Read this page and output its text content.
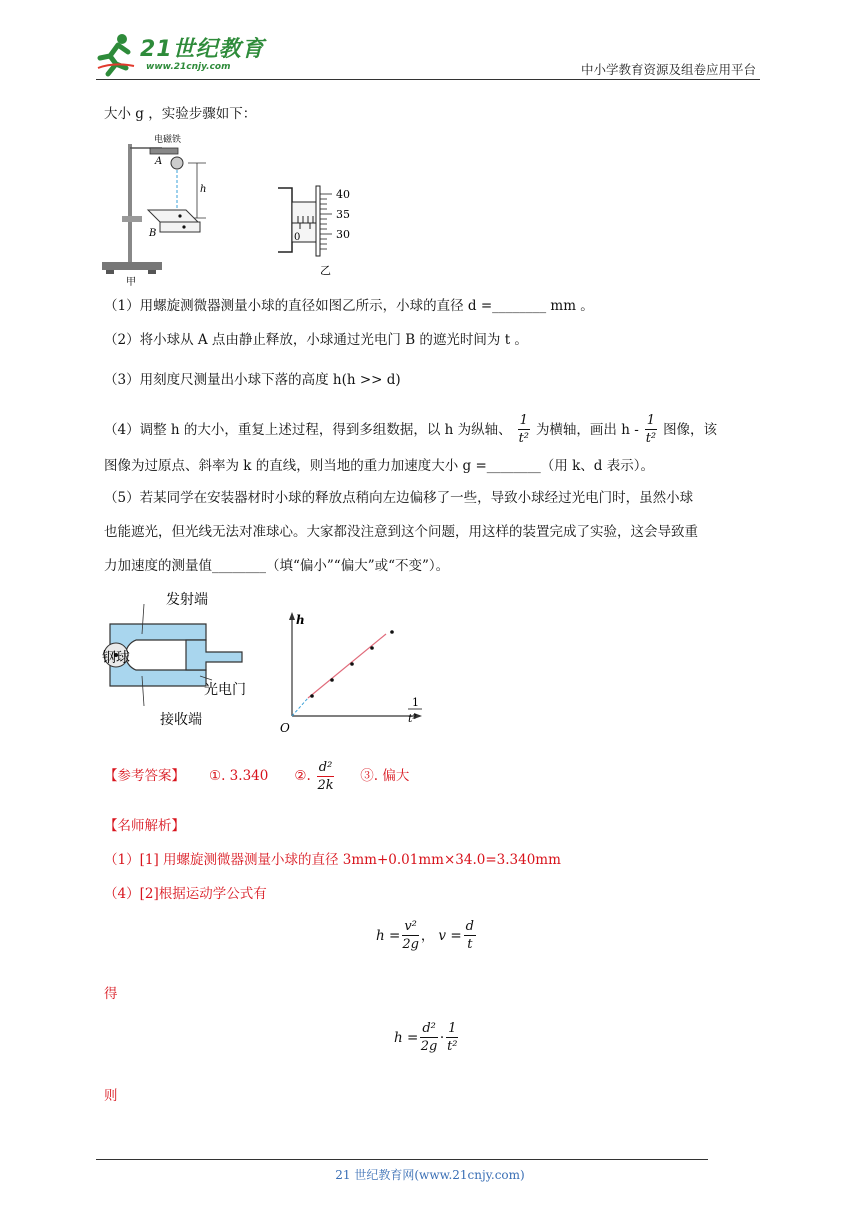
21世纪教育
www.21cnjy.com	中小学教育资源及组卷应用平台
大小 g ，实验步骤如下：
电磁铁
A
B
h
甲
40
35
30
0
乙
（1）用螺旋测微器测量小球的直径如图乙所示，小球的直径 d =________ mm 。
（2）将小球从 A 点由静止释放，小球通过光电门 B 的遮光时间为 t 。
（3）用刻度尺测量出小球下落的高度 h(h >> d)
（4）调整 h 的大小，重复上述过程，得到多组数据，以 h 为纵轴、 $\frac{1}{\text{t²}}$ 为横轴，画出 h - $\frac{1}{\text{t²}}$ 图像，该
图像为过原点、斜率为 k 的直线，则当地的重力加速度大小 g =________（用 k、d 表示）。
（5）若某同学在安装器材时小球的释放点稍向左边偏移了一些，导致小球经过光电门时，虽然小球
也能遮光，但光线无法对准球心。大家都没注意到这个问题，用这样的装置完成了实验，这会导致重
力加速度的测量值________（填“偏小”“偏大”或“不变”）。
发射端
钢球
光电门
接收端
h
O
1
t²
【参考答案】 ①. 3.340 ②. $\frac{\text{d²}}{2k}$ ③. 偏大
【名师解析】
（1）[1] 用螺旋测微器测量小球的直径 3mm+0.01mm×34.0=3.340mm
（4）[2]根据运动学公式有
$h = \frac{\text{v²}}{2g}$ ， $v = \frac{d}{t}$
得
$h = \frac{\text{d²}}{2g} \cdot \frac{1}{\text{t²}}$
则
21 世纪教育网(www.21cnjy.com)
